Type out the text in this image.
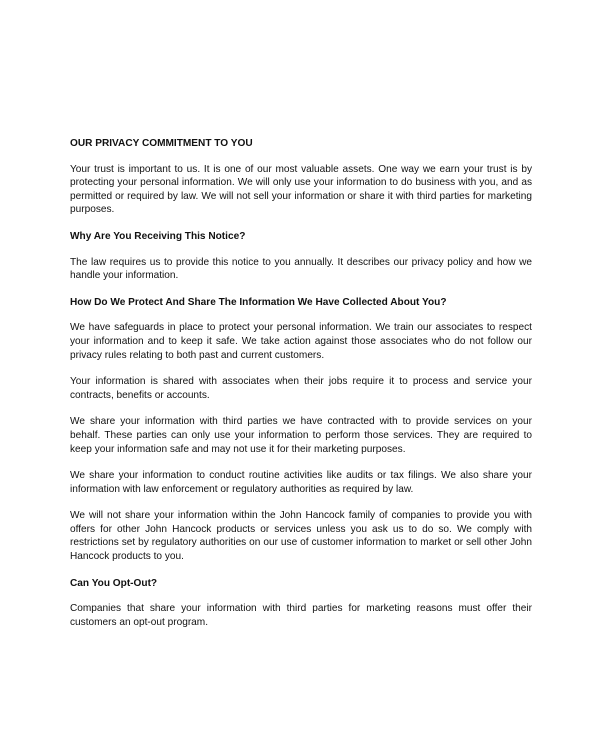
OUR PRIVACY COMMITMENT TO YOU

Your trust is important to us. It is one of our most valuable assets. One way we earn your trust is by protecting your personal information. We will only use your information to do business with you, and as permitted or required by law. We will not sell your information or share it with third parties for marketing purposes.

Why Are You Receiving This Notice?

The law requires us to provide this notice to you annually. It describes our privacy policy and how we handle your information.

How Do We Protect And Share The Information We Have Collected About You?

We have safeguards in place to protect your personal information. We train our associates to respect your information and to keep it safe. We take action against those associates who do not follow our privacy rules relating to both past and current customers.

Your information is shared with associates when their jobs require it to process and service your contracts, benefits or accounts.

We share your information with third parties we have contracted with to provide services on your behalf. These parties can only use your information to perform those services. They are required to keep your information safe and may not use it for their marketing purposes.

We share your information to conduct routine activities like audits or tax filings. We also share your information with law enforcement or regulatory authorities as required by law.

We will not share your information within the John Hancock family of companies to provide you with offers for other John Hancock products or services unless you ask us to do so. We comply with restrictions set by regulatory authorities on our use of customer information to market or sell other John Hancock products to you.

Can You Opt-Out?

Companies that share your information with third parties for marketing reasons must offer their customers an opt-out program.
